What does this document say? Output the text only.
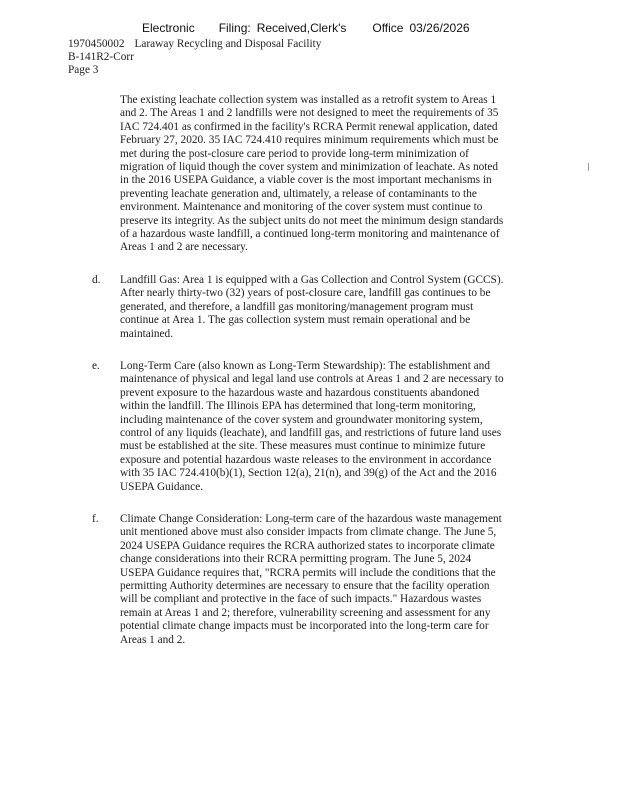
Electronic Filing: Received,Clerk's Office 03/26/2026
1970450002 Laraway Recycling and Disposal Facility
B-141R2-Corr
Page 3
The existing leachate collection system was installed as a retrofit system to Areas 1
and 2. The Areas 1 and 2 landfills were not designed to meet the requirements of 35
IAC 724.401 as confirmed in the facility's RCRA Permit renewal application, dated
February 27, 2020. 35 IAC 724.410 requires minimum requirements which must be
met during the post-closure care period to provide long-term minimization of
migration of liquid though the cover system and minimization of leachate. As noted
in the 2016 USEPA Guidance, a viable cover is the most important mechanisms in
preventing leachate generation and, ultimately, a release of contaminants to the
environment. Maintenance and monitoring of the cover system must continue to
preserve its integrity. As the subject units do not meet the minimum design standards
of a hazardous waste landfill, a continued long-term monitoring and maintenance of
Areas 1 and 2 are necessary.
d. Landfill Gas: Area 1 is equipped with a Gas Collection and Control System (GCCS).
After nearly thirty-two (32) years of post-closure care, landfill gas continues to be
generated, and therefore, a landfill gas monitoring/management program must
continue at Area 1. The gas collection system must remain operational and be
maintained.
e. Long-Term Care (also known as Long-Term Stewardship): The establishment and
maintenance of physical and legal land use controls at Areas 1 and 2 are necessary to
prevent exposure to the hazardous waste and hazardous constituents abandoned
within the landfill. The Illinois EPA has determined that long-term monitoring,
including maintenance of the cover system and groundwater monitoring system,
control of any liquids (leachate), and landfill gas, and restrictions of future land uses
must be established at the site. These measures must continue to minimize future
exposure and potential hazardous waste releases to the environment in accordance
with 35 IAC 724.410(b)(1), Section 12(a), 21(n), and 39(g) of the Act and the 2016
USEPA Guidance.
f. Climate Change Consideration: Long-term care of the hazardous waste management
unit mentioned above must also consider impacts from climate change. The June 5,
2024 USEPA Guidance requires the RCRA authorized states to incorporate climate
change considerations into their RCRA permitting program. The June 5, 2024
USEPA Guidance requires that, "RCRA permits will include the conditions that the
permitting Authority determines are necessary to ensure that the facility operation
will be compliant and protective in the face of such impacts." Hazardous wastes
remain at Areas 1 and 2; therefore, vulnerability screening and assessment for any
potential climate change impacts must be incorporated into the long-term care for
Areas 1 and 2.
